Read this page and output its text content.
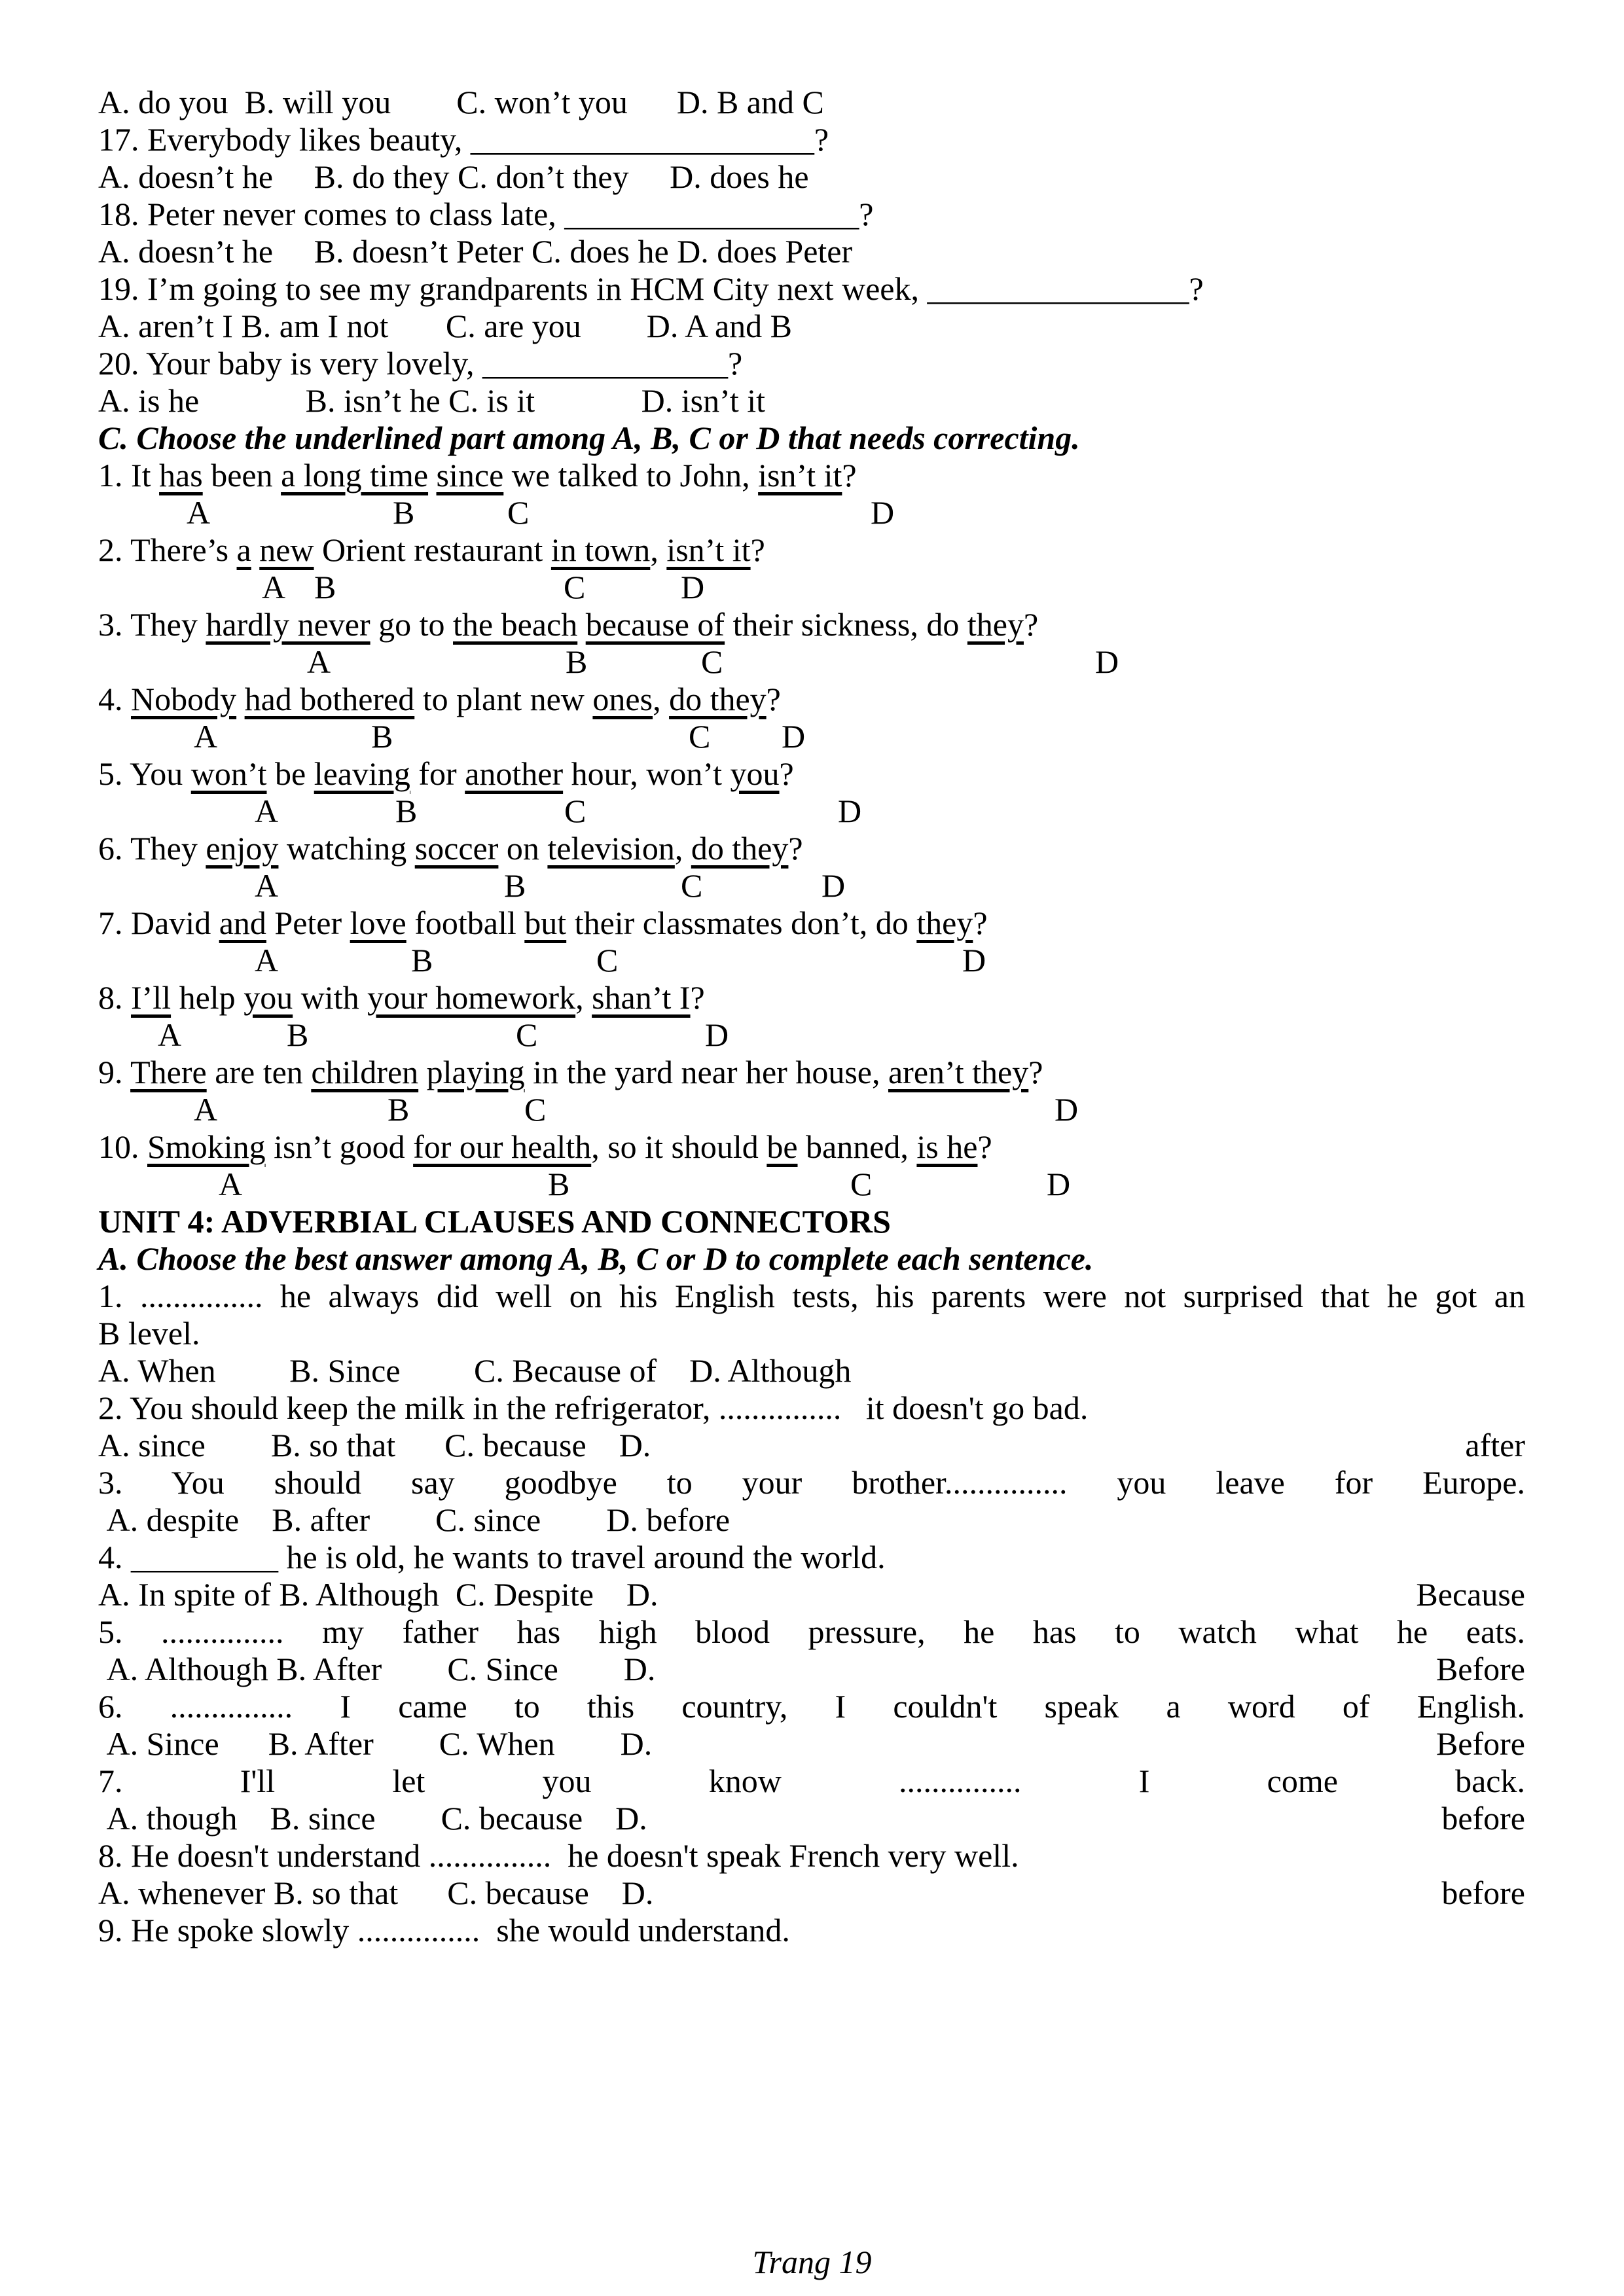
A. do you  B. will you        C. won’t you      D. B and C
17. Everybody likes beauty, _____________________?
A. doesn’t he     B. do they C. don’t they     D. does he
18. Peter never comes to class late, __________________?
A. doesn’t he     B. doesn’t Peter C. does he D. does Peter
19. I’m going to see my grandparents in HCM City next week, ________________?
A. aren’t I B. am I not       C. are you        D. A and B
20. Your baby is very lovely, _______________?
A. is he             B. isn’t he C. is it             D. isn’t it
C. Choose the underlined part among A, B, C or D that needs correcting.
1. It has been a long time since we talked to John, isn’t it?
A	B	C	D
2. There’s a new Orient restaurant in town, isn’t it?
A B	C	D
3. They hardly never go to the beach because of their sickness, do they?
A	B	C	D
4. Nobody had bothered to plant new ones, do they?
A	B	C D
5. You won’t be leaving for another hour, won’t you?
A	B	C	D
6. They enjoy watching soccer on television, do they?
A	B	C	D
7. David and Peter love football but their classmates don’t, do they?
A	B	C	D
8. I’ll help you with your homework, shan’t I?
A	B	C	D
9. There are ten children playing in the yard near her house, aren’t they?
A	B	C	D
10. Smoking isn’t good for our health, so it should be banned, is he?
A	B	C	D
UNIT 4: ADVERBIAL CLAUSES AND CONNECTORS
A. Choose the best answer among A, B, C or D to complete each sentence.
1. ............... he always did well on his English tests, his parents were not surprised that he got an
B level.
A. When         B. Since         C. Because of    D. Although
2. You should keep the milk in the refrigerator, ...............   it doesn't go bad.
A. since        B. so that      C. because    D.	after
3. You should say goodbye to your brother............... you leave for Europe.
A. despite    B. after        C. since        D. before
4. _________ he is old, he wants to travel around the world.
A. In spite of B. Although  C. Despite    D.	Because
5. ............... my father has high blood pressure, he has to watch what he eats.
A. Although B. After        C. Since        D.	Before
6. ............... I came to this country, I couldn't speak a word of English.
A. Since      B. After        C. When        D.	Before
7. I'll let you know ............... I come back.
A. though    B. since        C. because    D.	before
8. He doesn't understand ...............  he doesn't speak French very well.
A. whenever B. so that      C. because    D.	before
9. He spoke slowly ...............  she would understand.
Trang 19
